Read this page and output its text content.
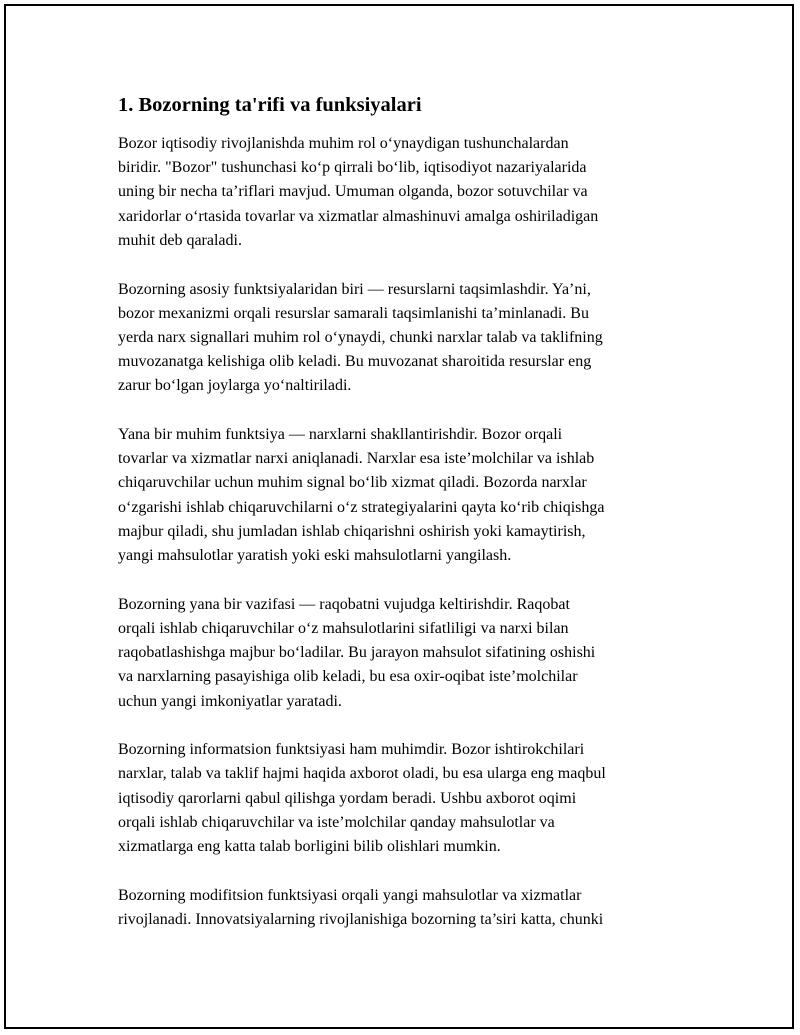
1. Bozorning ta'rifi va funksiyalari

Bozor iqtisodiy rivojlanishda muhim rol o‘ynaydigan tushunchalardan
biridir. "Bozor" tushunchasi ko‘p qirrali bo‘lib, iqtisodiyot nazariyalarida
uning bir necha ta’riflari mavjud. Umuman olganda, bozor sotuvchilar va
xaridorlar o‘rtasida tovarlar va xizmatlar almashinuvi amalga oshiriladigan
muhit deb qaraladi.

Bozorning asosiy funktsiyalaridan biri — resurslarni taqsimlashdir. Ya’ni,
bozor mexanizmi orqali resurslar samarali taqsimlanishi ta’minlanadi. Bu
yerda narx signallari muhim rol o‘ynaydi, chunki narxlar talab va taklifning
muvozanatga kelishiga olib keladi. Bu muvozanat sharoitida resurslar eng
zarur bo‘lgan joylarga yo‘naltiriladi.

Yana bir muhim funktsiya — narxlarni shakllantirishdir. Bozor orqali
tovarlar va xizmatlar narxi aniqlanadi. Narxlar esa iste’molchilar va ishlab
chiqaruvchilar uchun muhim signal bo‘lib xizmat qiladi. Bozorda narxlar
o‘zgarishi ishlab chiqaruvchilarni o‘z strategiyalarini qayta ko‘rib chiqishga
majbur qiladi, shu jumladan ishlab chiqarishni oshirish yoki kamaytirish,
yangi mahsulotlar yaratish yoki eski mahsulotlarni yangilash.

Bozorning yana bir vazifasi — raqobatni vujudga keltirishdir. Raqobat
orqali ishlab chiqaruvchilar o‘z mahsulotlarini sifatliligi va narxi bilan
raqobatlashishga majbur bo‘ladilar. Bu jarayon mahsulot sifatining oshishi
va narxlarning pasayishiga olib keladi, bu esa oxir-oqibat iste’molchilar
uchun yangi imkoniyatlar yaratadi.

Bozorning informatsion funktsiyasi ham muhimdir. Bozor ishtirokchilari
narxlar, talab va taklif hajmi haqida axborot oladi, bu esa ularga eng maqbul
iqtisodiy qarorlarni qabul qilishga yordam beradi. Ushbu axborot oqimi
orqali ishlab chiqaruvchilar va iste’molchilar qanday mahsulotlar va
xizmatlarga eng katta talab borligini bilib olishlari mumkin.

Bozorning modifitsion funktsiyasi orqali yangi mahsulotlar va xizmatlar
rivojlanadi. Innovatsiyalarning rivojlanishiga bozorning ta’siri katta, chunki
